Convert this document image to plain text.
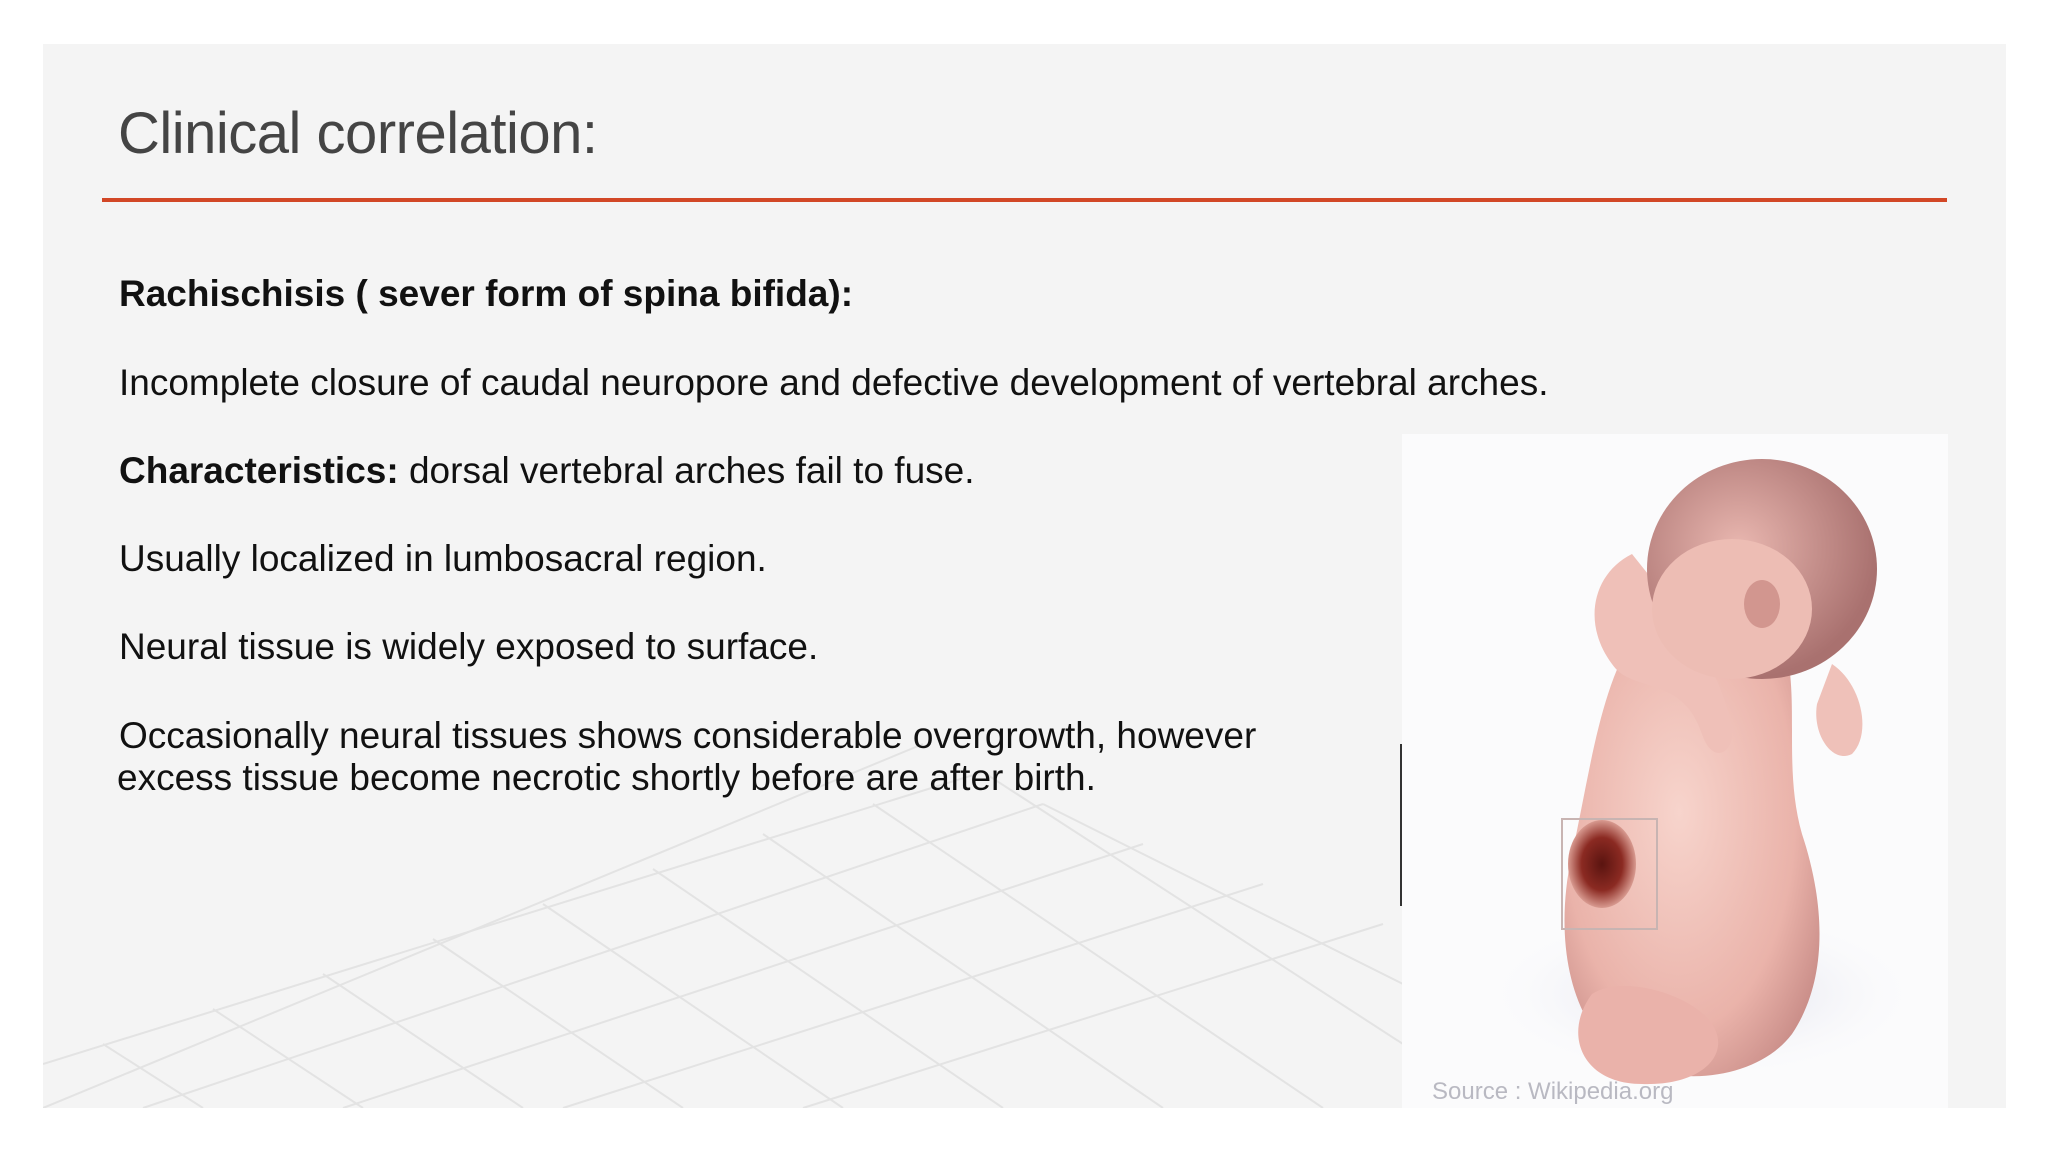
Clinical correlation:
Rachischisis ( sever form of spina bifida):
Incomplete closure of caudal neuropore and defective development of vertebral arches.
Characteristics: dorsal vertebral arches fail to fuse.
Usually localized in lumbosacral region.
Neural tissue is widely exposed to surface.
Occasionally neural tissues shows considerable overgrowth, however
excess tissue become necrotic shortly before are after birth.
Source : Wikipedia.org
